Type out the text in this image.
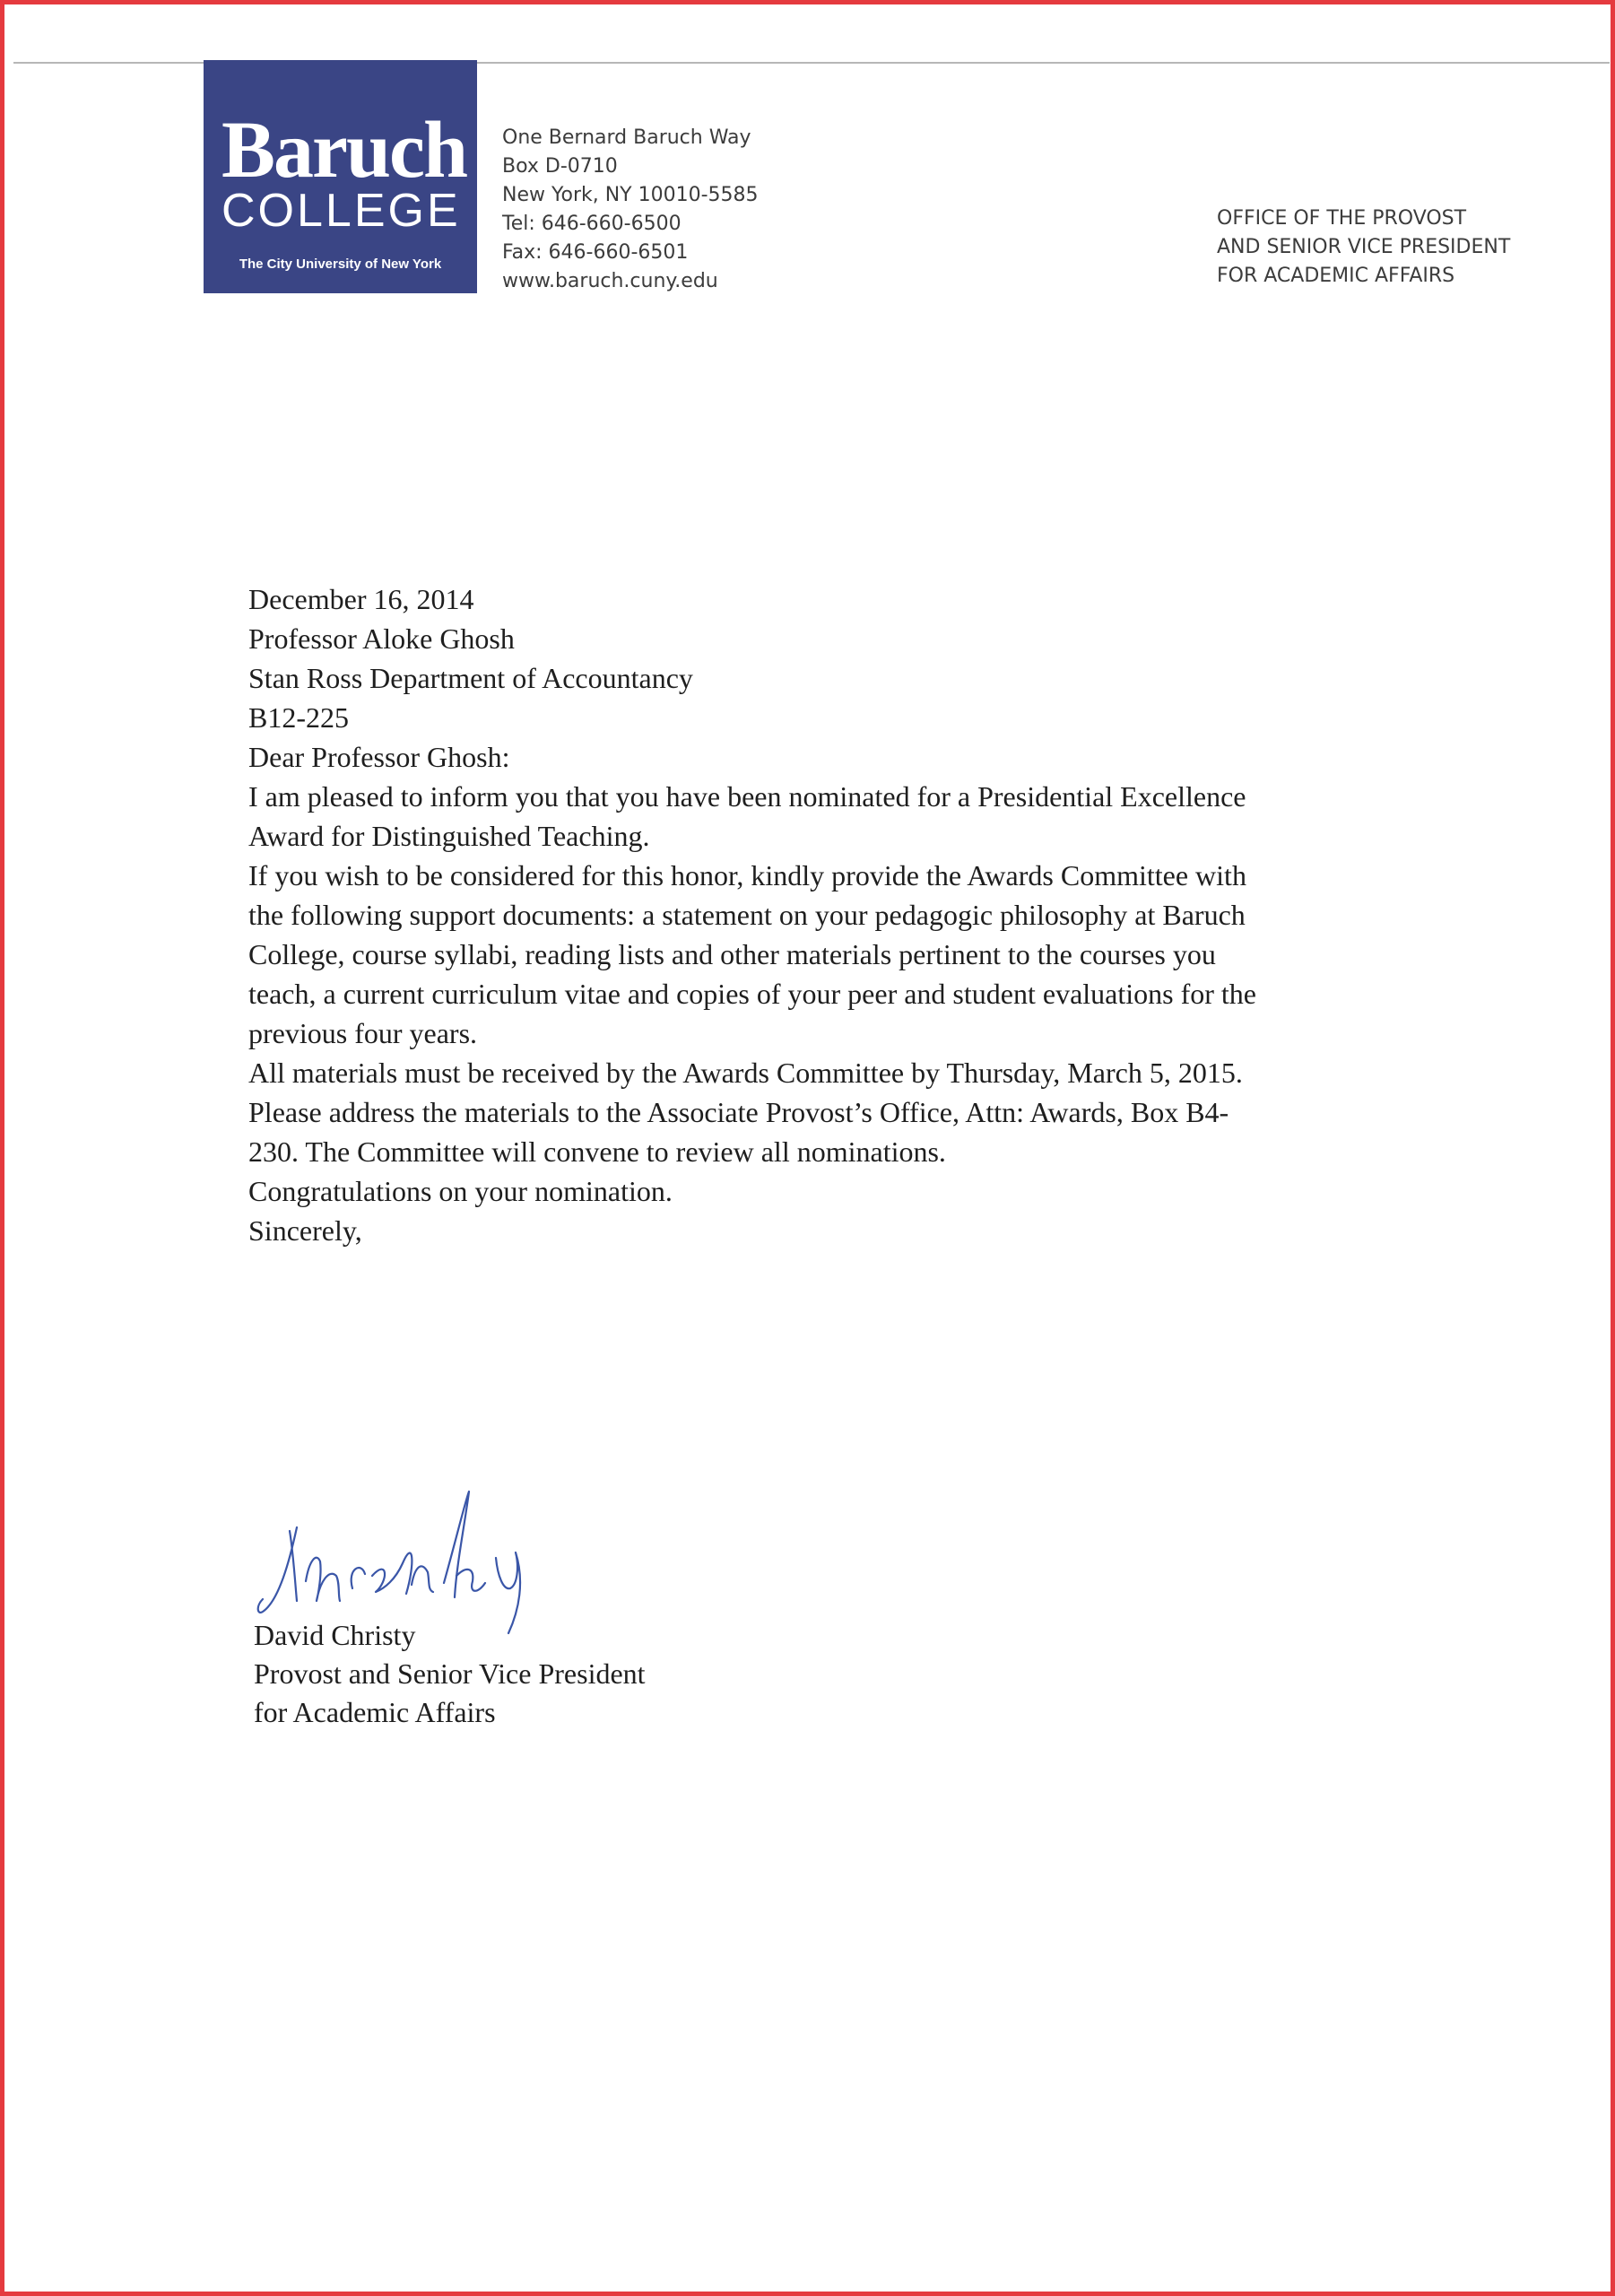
Baruch
COLLEGE
The City University of New York
One Bernard Baruch Way
Box D-0710
New York, NY 10010-5585
Tel: 646-660-6500
Fax: 646-660-6501
www.baruch.cuny.edu
OFFICE OF THE PROVOST
AND SENIOR VICE PRESIDENT
FOR ACADEMIC AFFAIRS
December 16, 2014
Professor Aloke Ghosh
Stan Ross Department of Accountancy
B12-225
Dear Professor Ghosh:
I am pleased to inform you that you have been nominated for a Presidential Excellence
Award for Distinguished Teaching.
If you wish to be considered for this honor, kindly provide the Awards Committee with
the following support documents: a statement on your pedagogic philosophy at Baruch
College, course syllabi, reading lists and other materials pertinent to the courses you
teach, a current curriculum vitae and copies of your peer and student evaluations for the
previous four years.
All materials must be received by the Awards Committee by Thursday, March 5, 2015.
Please address the materials to the Associate Provost’s Office, Attn: Awards, Box B4-
230. The Committee will convene to review all nominations.
Congratulations on your nomination.
Sincerely,
David Christy
Provost and Senior Vice President
for Academic Affairs
